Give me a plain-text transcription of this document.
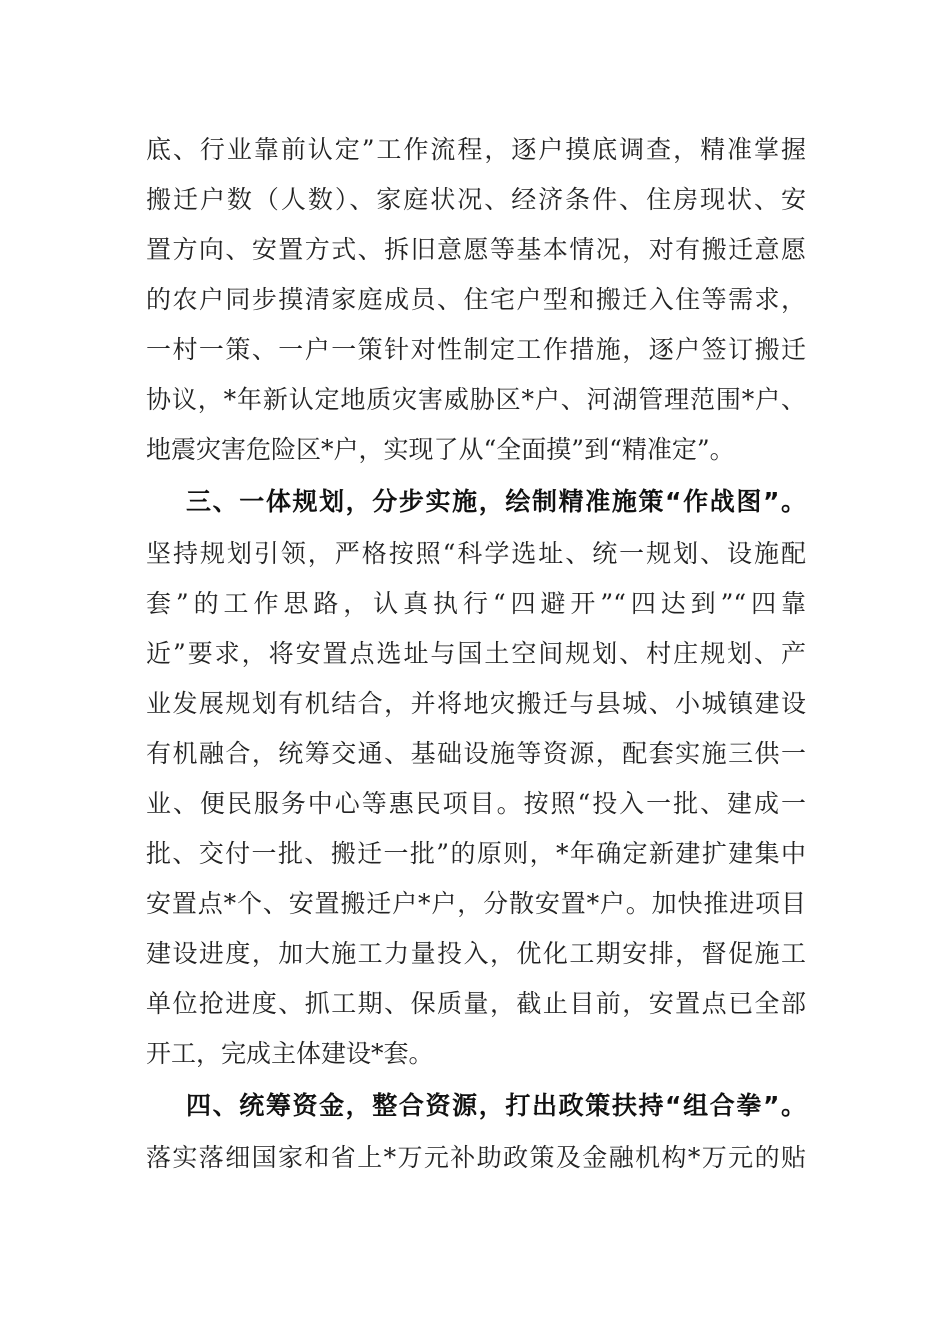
底、行业靠前认定”工作流程，逐户摸底调查，精准掌握
搬迁户数（人数）、家庭状况、经济条件、住房现状、安
置方向、安置方式、拆旧意愿等基本情况，对有搬迁意愿
的农户同步摸清家庭成员、住宅户型和搬迁入住等需求，
一村一策、一户一策针对性制定工作措施，逐户签订搬迁
协议，*年新认定地质灾害威胁区*户、河湖管理范围*户、
地震灾害危险区*户，实现了从“全面摸”到“精准定”。
三、一体规划，分步实施，绘制精准施策“作战图”。
坚持规划引领，严格按照“科学选址、统一规划、设施配
套”的工作思路，认真执行“四避开”“四达到”“四靠
近”要求，将安置点选址与国土空间规划、村庄规划、产
业发展规划有机结合，并将地灾搬迁与县城、小城镇建设
有机融合，统筹交通、基础设施等资源，配套实施三供一
业、便民服务中心等惠民项目。按照“投入一批、建成一
批、交付一批、搬迁一批”的原则，*年确定新建扩建集中
安置点*个、安置搬迁户*户，分散安置*户。加快推进项目
建设进度，加大施工力量投入，优化工期安排，督促施工
单位抢进度、抓工期、保质量，截止目前，安置点已全部
开工，完成主体建设*套。
四、统筹资金，整合资源，打出政策扶持“组合拳”。
落实落细国家和省上*万元补助政策及金融机构*万元的贴
